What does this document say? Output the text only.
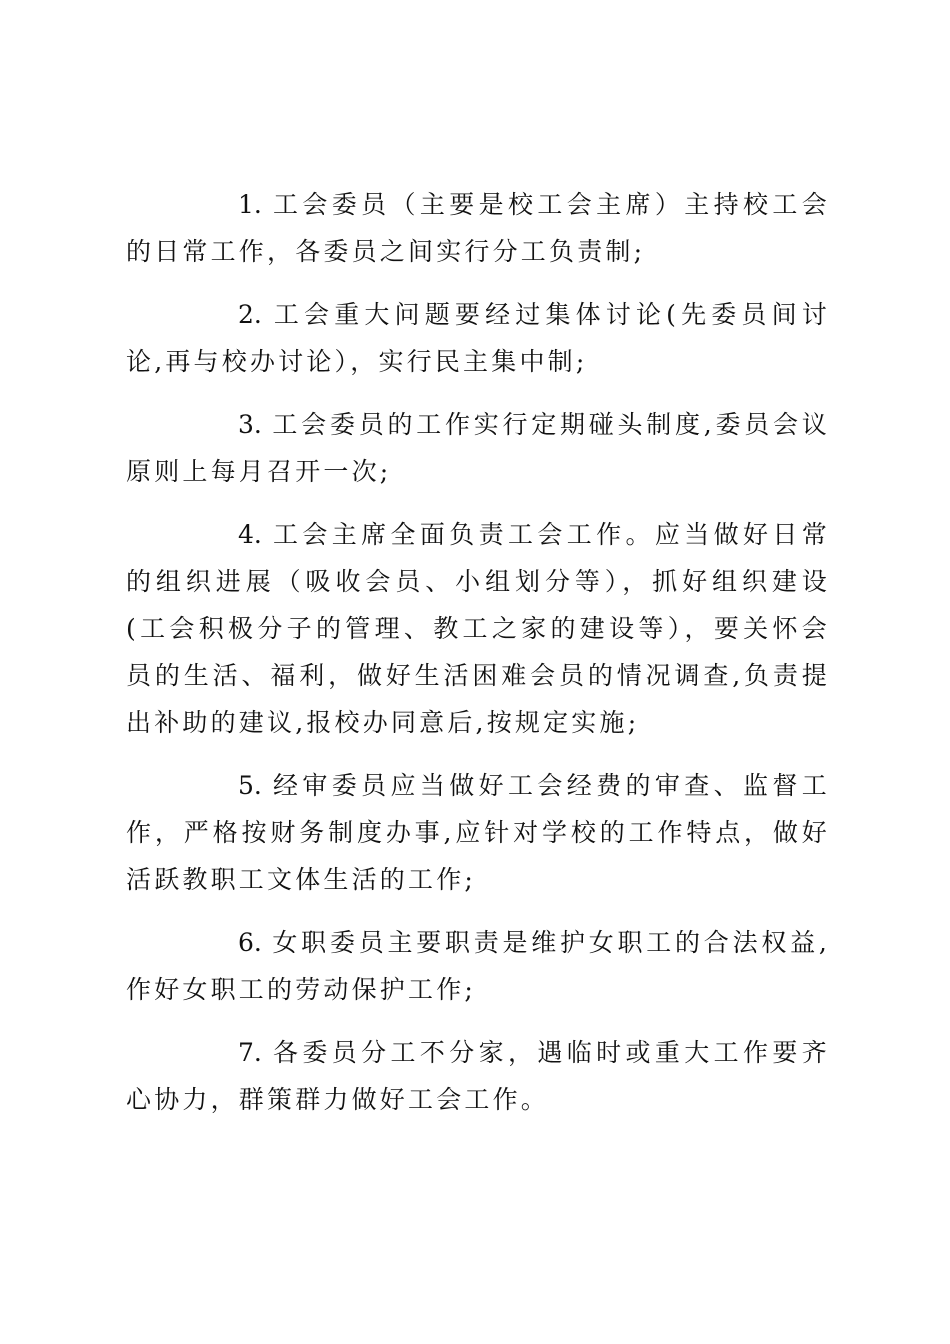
1. 工会委员（主要是校工会主席）主持校工会的日常工作，各委员之间实行分工负责制;

2. 工会重大问题要经过集体讨论(先委员间讨论,再与校办讨论），实行民主集中制;

3. 工会委员的工作实行定期碰头制度,委员会议原则上每月召开一次;

4. 工会主席全面负责工会工作。应当做好日常的组织进展（吸收会员、小组划分等），抓好组织建设(工会积极分子的管理、教工之家的建设等），要关怀会员的生活、福利，做好生活困难会员的情况调查,负责提出补助的建议,报校办同意后,按规定实施;

5. 经审委员应当做好工会经费的审查、监督工作，严格按财务制度办事,应针对学校的工作特点，做好活跃教职工文体生活的工作;

6. 女职委员主要职责是维护女职工的合法权益,作好女职工的劳动保护工作;

7. 各委员分工不分家，遇临时或重大工作要齐心协力，群策群力做好工会工作。
